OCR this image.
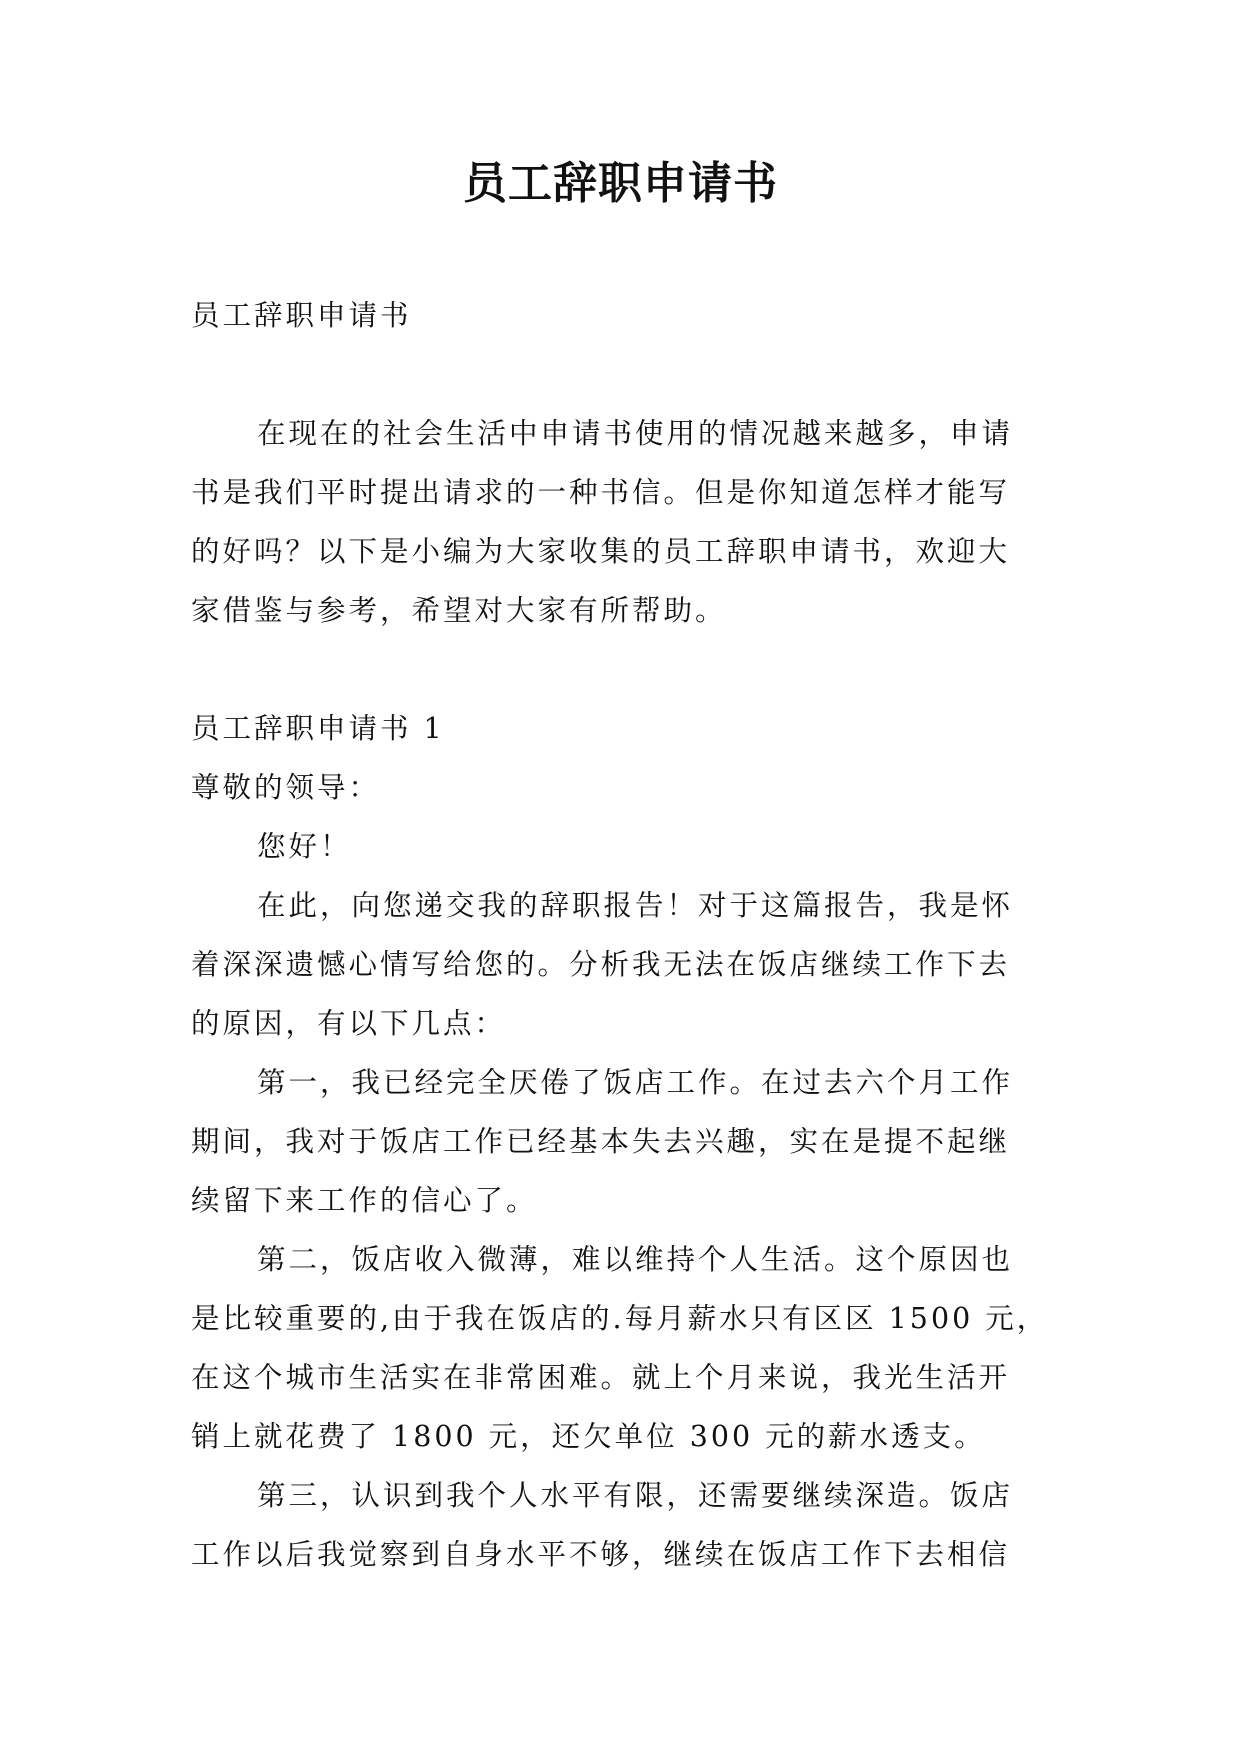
员工辞职申请书
员工辞职申请书
在现在的社会生活中申请书使用的情况越来越多，申请
书是我们平时提出请求的一种书信。但是你知道怎样才能写
的好吗？以下是小编为大家收集的员工辞职申请书，欢迎大
家借鉴与参考，希望对大家有所帮助。
员工辞职申请书 1
尊敬的领导：
您好！
在此，向您递交我的辞职报告！对于这篇报告，我是怀
着深深遗憾心情写给您的。分析我无法在饭店继续工作下去
的原因，有以下几点：
第一，我已经完全厌倦了饭店工作。在过去六个月工作
期间，我对于饭店工作已经基本失去兴趣，实在是提不起继
续留下来工作的信心了。
第二，饭店收入微薄，难以维持个人生活。这个原因也
是比较重要的,由于我在饭店的.每月薪水只有区区 1500 元，
在这个城市生活实在非常困难。就上个月来说，我光生活开
销上就花费了 1800 元，还欠单位 300 元的薪水透支。
第三，认识到我个人水平有限，还需要继续深造。饭店
工作以后我觉察到自身水平不够，继续在饭店工作下去相信
